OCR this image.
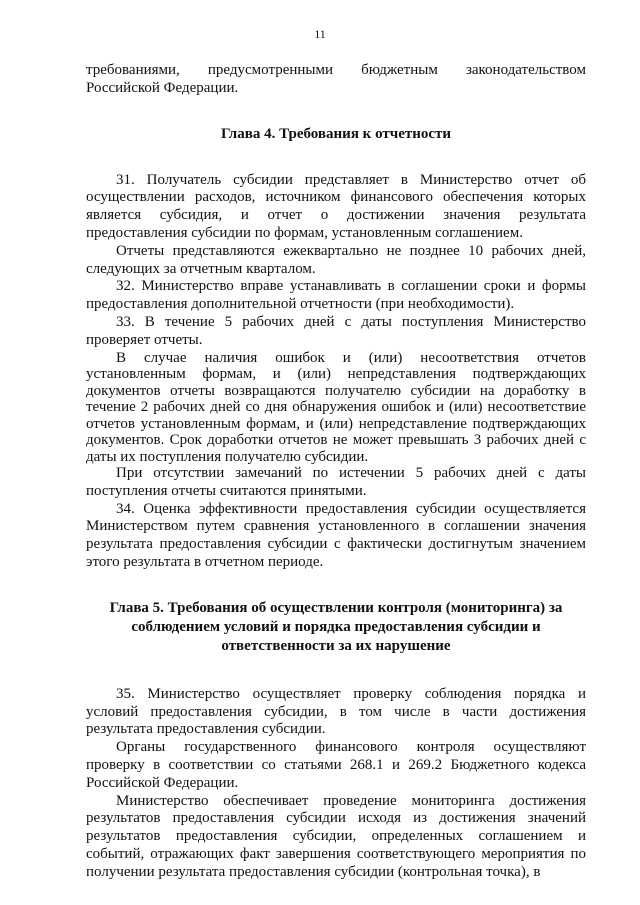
11

требованиями, предусмотренными бюджетным законодательством Российской Федерации.

Глава 4. Требования к отчетности

31. Получатель субсидии представляет в Министерство отчет об осуществлении расходов, источником финансового обеспечения которых является субсидия, и отчет о достижении значения результата предоставления субсидии по формам, установленным соглашением.

Отчеты представляются ежеквартально не позднее 10 рабочих дней, следующих за отчетным кварталом.

32. Министерство вправе устанавливать в соглашении сроки и формы предоставления дополнительной отчетности (при необходимости).

33. В течение 5 рабочих дней с даты поступления Министерство проверяет отчеты.

В случае наличия ошибок и (или) несоответствия отчетов установленным формам, и (или) непредставления подтверждающих документов отчеты возвращаются получателю субсидии на доработку в течение 2 рабочих дней со дня обнаружения ошибок и (или) несоответствие отчетов установленным формам, и (или) непредставление подтверждающих документов. Срок доработки отчетов не может превышать 3 рабочих дней с даты их поступления получателю субсидии.

При отсутствии замечаний по истечении 5 рабочих дней с даты поступления отчеты считаются принятыми.

34. Оценка эффективности предоставления субсидии осуществляется Министерством путем сравнения установленного в соглашении значения результата предоставления субсидии с фактически достигнутым значением этого результата в отчетном периоде.

Глава 5. Требования об осуществлении контроля (мониторинга) за
соблюдением условий и порядка предоставления субсидии и
ответственности за их нарушение

35. Министерство осуществляет проверку соблюдения порядка и условий предоставления субсидии, в том числе в части достижения результата предоставления субсидии.

Органы государственного финансового контроля осуществляют проверку в соответствии со статьями 268.1 и 269.2 Бюджетного кодекса Российской Федерации.

Министерство обеспечивает проведение мониторинга достижения результатов предоставления субсидии исходя из достижения значений результатов предоставления субсидии, определенных соглашением и событий, отражающих факт завершения соответствующего мероприятия по получении результата предоставления субсидии (контрольная точка), в
